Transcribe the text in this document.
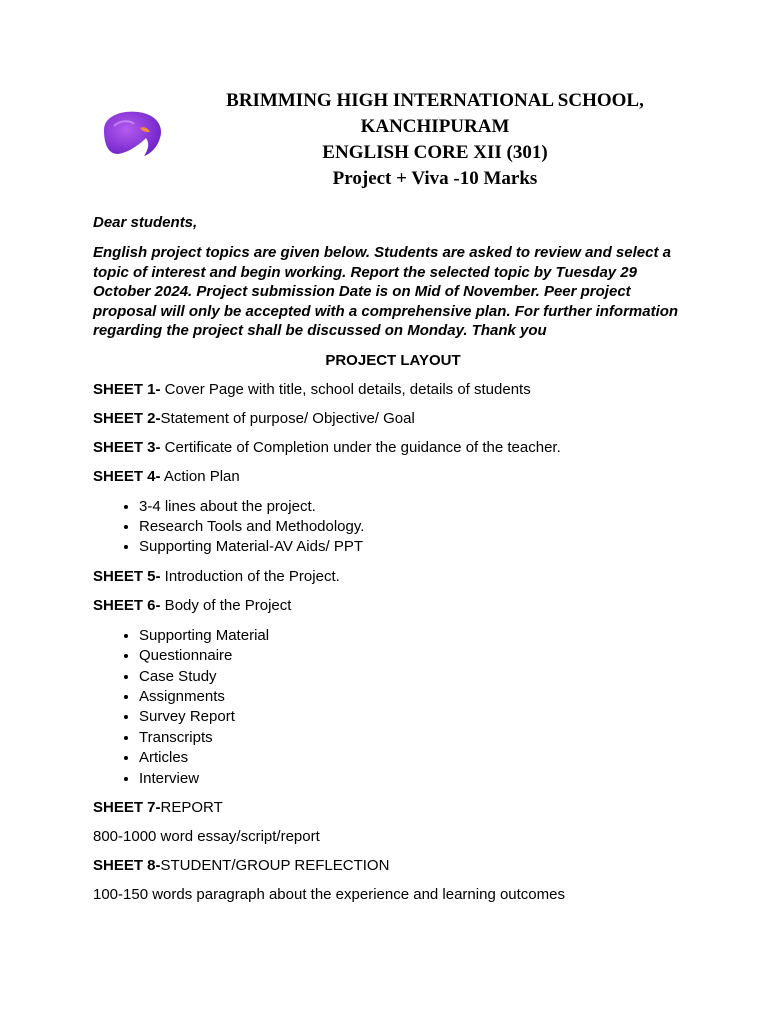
BRIMMING HIGH INTERNATIONAL SCHOOL,
KANCHIPURAM
ENGLISH CORE XII (301)
Project + Viva -10 Marks

Dear students,

English project topics are given below. Students are asked to review and select a topic of interest and begin working. Report the selected topic by Tuesday 29 October 2024. Project submission Date is on Mid of November. Peer project proposal will only be accepted with a comprehensive plan. For further information regarding the project shall be discussed on Monday. Thank you

PROJECT LAYOUT

SHEET 1- Cover Page with title, school details, details of students

SHEET 2-Statement of purpose/ Objective/ Goal

SHEET 3- Certificate of Completion under the guidance of the teacher.

SHEET 4- Action Plan

• 3-4 lines about the project.
• Research Tools and Methodology.
• Supporting Material-AV Aids/ PPT

SHEET 5- Introduction of the Project.

SHEET 6- Body of the Project

• Supporting Material
• Questionnaire
• Case Study
• Assignments
• Survey Report
• Transcripts
• Articles
• Interview

SHEET 7-REPORT

800-1000 word essay/script/report

SHEET 8-STUDENT/GROUP REFLECTION

100-150 words paragraph about the experience and learning outcomes
